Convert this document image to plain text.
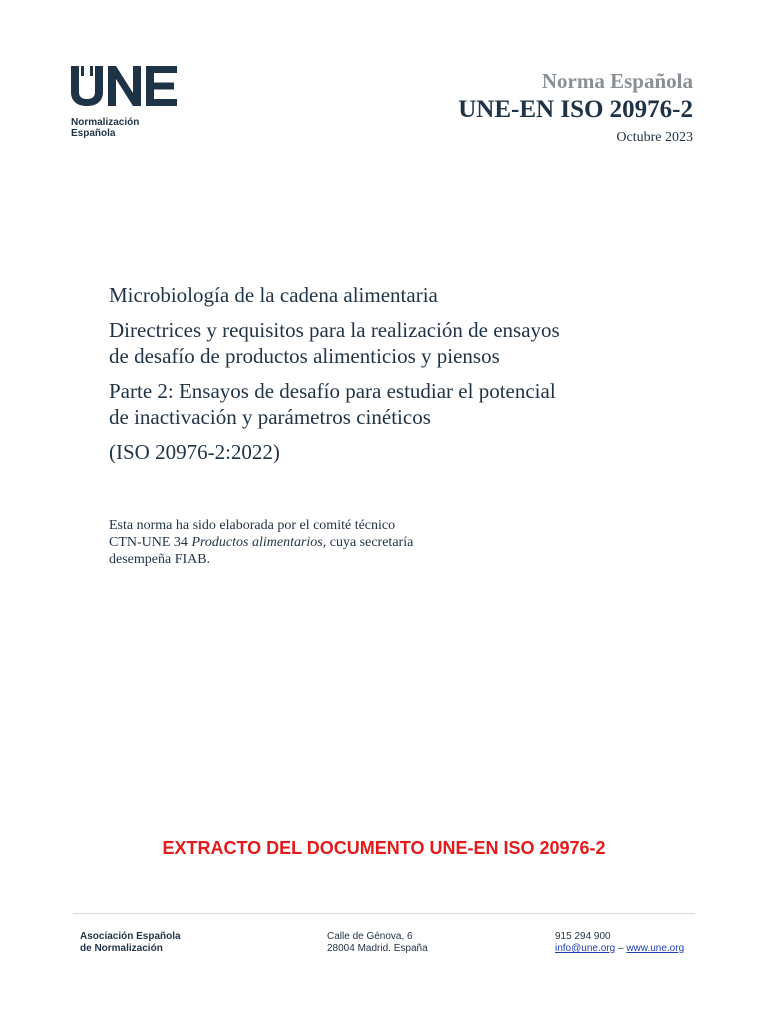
Normalización
Española
Norma Española
UNE-EN ISO 20976-2
Octubre 2023

Microbiología de la cadena alimentaria

Directrices y requisitos para la realización de ensayos
de desafío de productos alimenticios y piensos

Parte 2: Ensayos de desafío para estudiar el potencial
de inactivación y parámetros cinéticos

(ISO 20976-2:2022)

Esta norma ha sido elaborada por el comité técnico
CTN-UNE 34 Productos alimentarios, cuya secretaría
desempeña FIAB.
EXTRACTO DEL DOCUMENTO UNE-EN ISO 20976-2
Asociación Española
de Normalización
Calle de Génova, 6
28004 Madrid. España
915 294 900
info@une.org – www.une.org
